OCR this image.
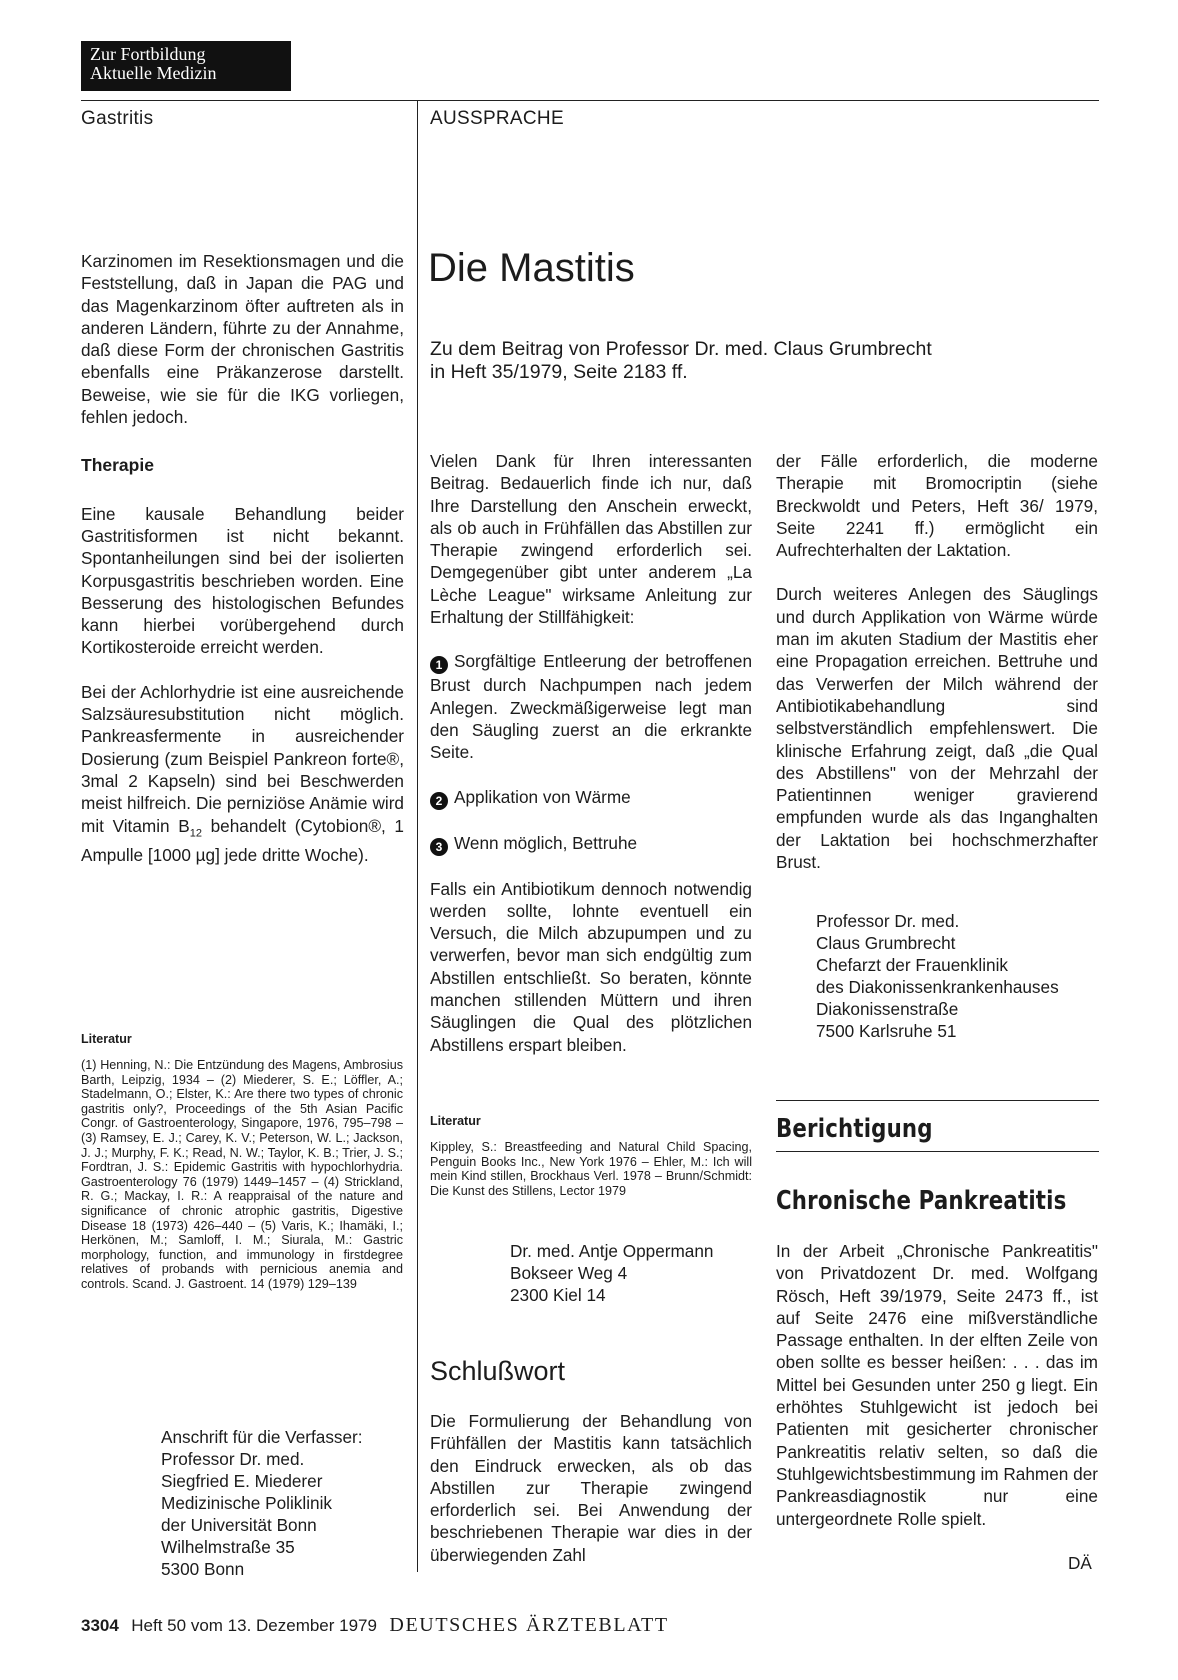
Zur Fortbildung
Aktuelle Medizin
Gastritis

Karzinomen im Resektionsmagen und die Feststellung, daß in Japan die PAG und das Magenkarzinom öfter auftreten als in anderen Ländern, führte zu der Annahme, daß diese Form der chronischen Gastritis ebenfalls eine Präkanzerose darstellt. Beweise, wie sie für die IKG vorliegen, fehlen jedoch.

Therapie

Eine kausale Behandlung beider Gastritisformen ist nicht bekannt. Spontanheilungen sind bei der isolierten Korpusgastritis beschrieben worden. Eine Besserung des histologischen Befundes kann hierbei vorübergehend durch Kortikosteroide erreicht werden.

Bei der Achlorhydrie ist eine ausreichende Salzsäuresubstitution nicht möglich. Pankreasfermente in ausreichender Dosierung (zum Beispiel Pankreon forte®, 3mal 2 Kapseln) sind bei Beschwerden meist hilfreich. Die perniziöse Anämie wird mit Vitamin $B_{12}$ behandelt (Cytobion®, 1 Ampulle [1000 µg] jede dritte Woche).

Literatur
(1) Henning, N.: Die Entzündung des Magens, Ambrosius Barth, Leipzig, 1934 – (2) Miederer, S. E.; Löffler, A.; Stadelmann, O.; Elster, K.: Are there two types of chronic gastritis only?, Proceedings of the 5th Asian Pacific Congr. of Gastroenterology, Singapore, 1976, 795–798 – (3) Ramsey, E. J.; Carey, K. V.; Peterson, W. L.; Jackson, J. J.; Murphy, F. K.; Read, N. W.; Taylor, K. B.; Trier, J. S.; Fordtran, J. S.: Epidemic Gastritis with hypochlorhydria. Gastroenterology 76 (1979) 1449–1457 – (4) Strickland, R. G.; Mackay, I. R.: A reappraisal of the nature and significance of chronic atrophic gastritis, Digestive Disease 18 (1973) 426–440 – (5) Varis, K.; Ihamäki, I.; Herkönen, M.; Samloff, I. M.; Siurala, M.: Gastric morphology, function, and immunology in firstdegree relatives of probands with pernicious anemia and controls. Scand. J. Gastroent. 14 (1979) 129–139
Anschrift für die Verfasser:
Professor Dr. med.
Siegfried E. Miederer
Medizinische Poliklinik
der Universität Bonn
Wilhelmstraße 35
5300 Bonn
AUSSPRACHE
Die Mastitis
Zu dem Beitrag von Professor Dr. med. Claus Grumbrecht
in Heft 35/1979, Seite 2183 ff.

Vielen Dank für Ihren interessanten Beitrag. Bedauerlich finde ich nur, daß Ihre Darstellung den Anschein erweckt, als ob auch in Frühfällen das Abstillen zur Therapie zwingend erforderlich sei. Demgegenüber gibt unter anderem „La Lèche League" wirksame Anleitung zur Erhaltung der Stillfähigkeit:

1 Sorgfältige Entleerung der betroffenen Brust durch Nachpumpen nach jedem Anlegen. Zweckmäßigerweise legt man den Säugling zuerst an die erkrankte Seite.

2 Applikation von Wärme

3 Wenn möglich, Bettruhe

Falls ein Antibiotikum dennoch notwendig werden sollte, lohnte eventuell ein Versuch, die Milch abzupumpen und zu verwerfen, bevor man sich endgültig zum Abstillen entschließt. So beraten, könnte manchen stillenden Müttern und ihren Säuglingen die Qual des plötzlichen Abstillens erspart bleiben.

Literatur
Kippley, S.: Breastfeeding and Natural Child Spacing, Penguin Books Inc., New York 1976 – Ehler, M.: Ich will mein Kind stillen, Brockhaus Verl. 1978 – Brunn/Schmidt: Die Kunst des Stillens, Lector 1979
Dr. med. Antje Oppermann
Bokseer Weg 4
2300 Kiel 14
Schlußwort
Die Formulierung der Behandlung von Frühfällen der Mastitis kann tatsächlich den Eindruck erwecken, als ob das Abstillen zur Therapie zwingend erforderlich sei. Bei Anwendung der beschriebenen Therapie war dies in der überwiegenden Zahl

der Fälle erforderlich, die moderne Therapie mit Bromocriptin (siehe Breckwoldt und Peters, Heft 36/ 1979, Seite 2241 ff.) ermöglicht ein Aufrechterhalten der Laktation.

Durch weiteres Anlegen des Säuglings und durch Applikation von Wärme würde man im akuten Stadium der Mastitis eher eine Propagation erreichen. Bettruhe und das Verwerfen der Milch während der Antibiotikabehandlung sind selbstverständlich empfehlenswert. Die klinische Erfahrung zeigt, daß „die Qual des Abstillens" von der Mehrzahl der Patientinnen weniger gravierend empfunden wurde als das Inganghalten der Laktation bei hochschmerzhafter Brust.

Professor Dr. med.
Claus Grumbrecht
Chefarzt der Frauenklinik
des Diakonissenkrankenhauses
Diakonissenstraße
7500 Karlsruhe 51
Berichtigung
Chronische Pankreatitis
In der Arbeit „Chronische Pankreatitis" von Privatdozent Dr. med. Wolfgang Rösch, Heft 39/1979, Seite 2473 ff., ist auf Seite 2476 eine mißverständliche Passage enthalten. In der elften Zeile von oben sollte es besser heißen: . . . das im Mittel bei Gesunden unter 250 g liegt. Ein erhöhtes Stuhlgewicht ist jedoch bei Patienten mit gesicherter chronischer Pankreatitis relativ selten, so daß die Stuhlgewichtsbestimmung im Rahmen der Pankreasdiagnostik nur eine untergeordnete Rolle spielt.
DÄ
3304 Heft 50 vom 13. Dezember 1979 DEUTSCHES ÄRZTEBLATT
